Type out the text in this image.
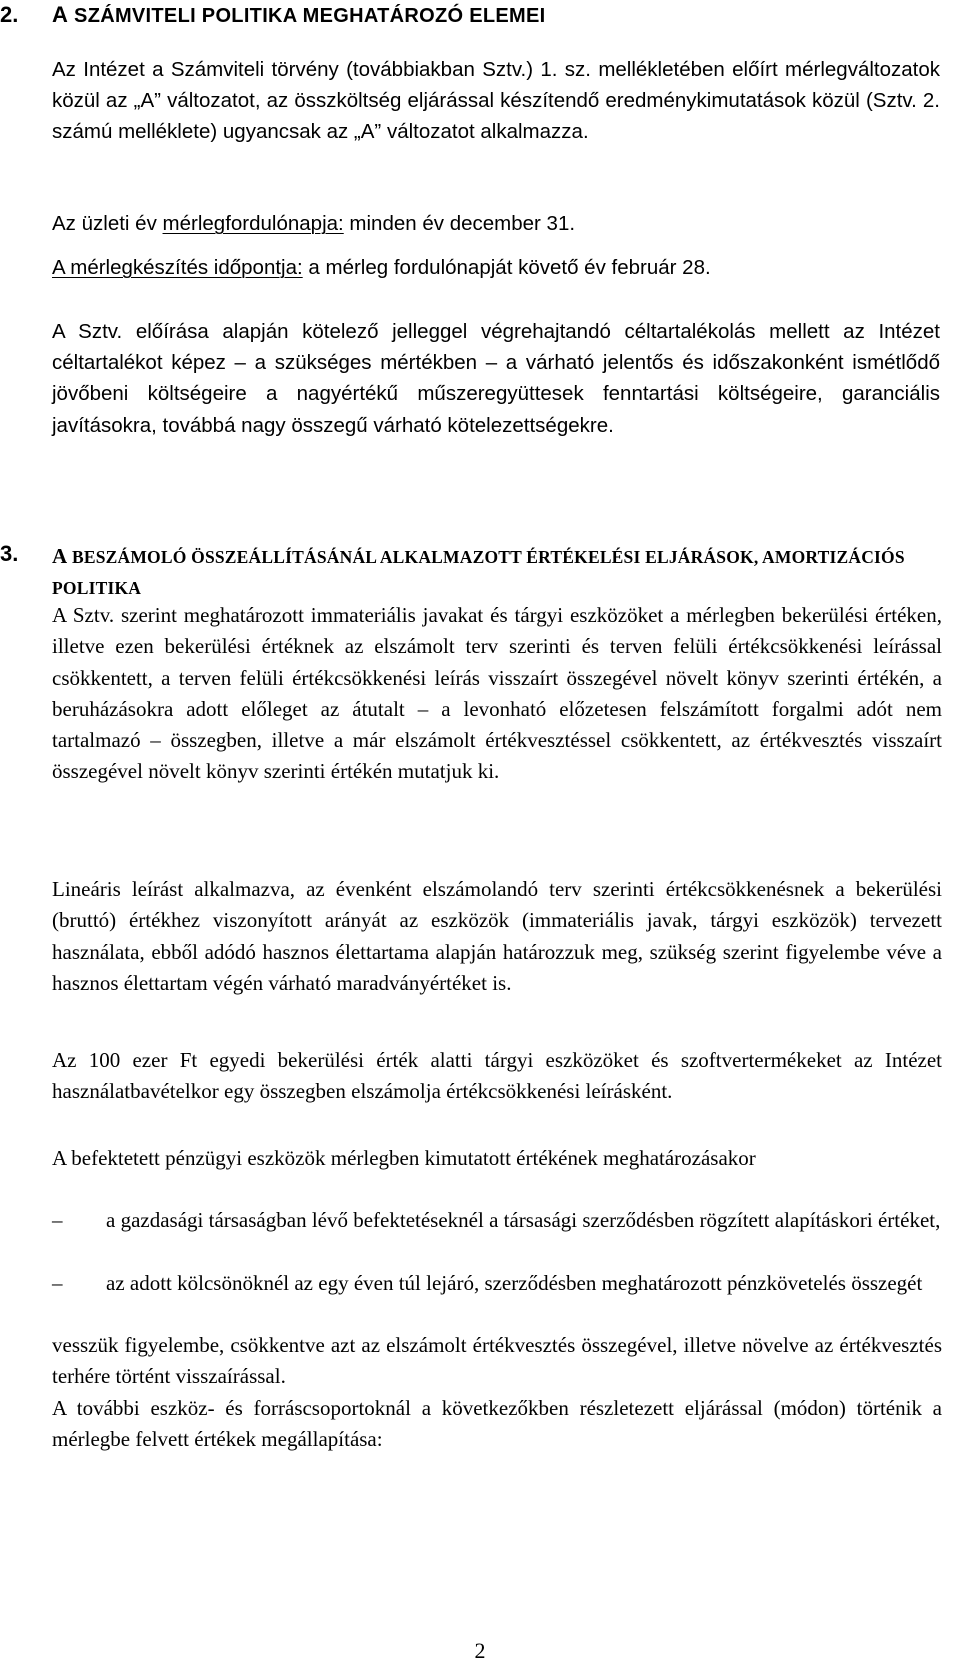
2. A SZÁMVITELI POLITIKA MEGHATÁROZÓ ELEMEI

Az Intézet a Számviteli törvény (továbbiakban Sztv.) 1. sz. mellékletében előírt mérlegváltozatok közül az „A” változatot, az összköltség eljárással készítendő eredménykimutatások közül (Sztv. 2. számú melléklete) ugyancsak az „A” változatot alkalmazza.

Az üzleti év mérlegfordulónapja: minden év december 31.

A mérlegkészítés időpontja: a mérleg fordulónapját követő év február 28.

A Sztv. előírása alapján kötelező jelleggel végrehajtandó céltartalékolás mellett az Intézet céltartalékot képez – a szükséges mértékben – a várható jelentős és időszakonként ismétlődő jövőbeni költségeire a nagyértékű műszeregyüttesek fenntartási költségeire, garanciális javításokra, továbbá nagy összegű várható kötelezettségekre.

3. A BESZÁMOLÓ ÖSSZEÁLLÍTÁSÁNÁL ALKALMAZOTT ÉRTÉKELÉSI ELJÁRÁSOK, AMORTIZÁCIÓS POLITIKA

A Sztv. szerint meghatározott immateriális javakat és tárgyi eszközöket a mérlegben bekerülési értéken, illetve ezen bekerülési értéknek az elszámolt terv szerinti és terven felüli értékcsökkenési leírással csökkentett, a terven felüli értékcsökkenési leírás visszaírt összegével növelt könyv szerinti értékén, a beruházásokra adott előleget az átutalt – a levonható előzetesen felszámított forgalmi adót nem tartalmazó – összegben, illetve a már elszámolt értékvesztéssel csökkentett, az értékvesztés visszaírt összegével növelt könyv szerinti értékén mutatjuk ki.

Lineáris leírást alkalmazva, az évenként elszámolandó terv szerinti értékcsökkenésnek a bekerülési (bruttó) értékhez viszonyított arányát az eszközök (immateriális javak, tárgyi eszközök) tervezett használata, ebből adódó hasznos élettartama alapján határozzuk meg, szükség szerint figyelembe véve a hasznos élettartam végén várható maradványértéket is.

Az 100 ezer Ft egyedi bekerülési érték alatti tárgyi eszközöket és szoftvertermékeket az Intézet használatbavételkor egy összegben elszámolja értékcsökkenési leírásként.

A befektetett pénzügyi eszközök mérlegben kimutatott értékének meghatározásakor

–	a gazdasági társaságban lévő befektetéseknél a társasági szerződésben rögzített alapításkori értéket,
–	az adott kölcsönöknél az egy éven túl lejáró, szerződésben meghatározott pénzkövetelés összegét

vesszük figyelembe, csökkentve azt az elszámolt értékvesztés összegével, illetve növelve az értékvesztés terhére történt visszaírással.

A további eszköz- és forráscsoportoknál a következőkben részletezett eljárással (módon) történik a mérlegbe felvett értékek megállapítása:

2
